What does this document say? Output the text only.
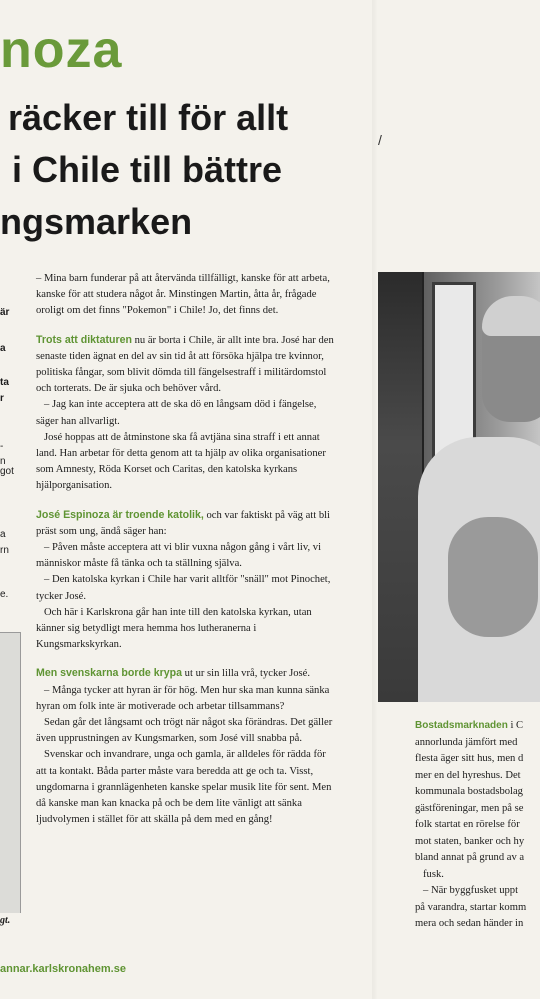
noza
räcker till för allt
i Chile till bättre
ngsmarken
/
är
a
ta
r
-
n
got
a
rn
e.
gt.

– Mina barn funderar på att återvända tillfälligt, kanske för att arbeta, kanske för att studera något år. Minstingen Martin, åtta år, frågade oroligt om det finns "Pokemon" i Chile! Jo, det finns det.

Trots att diktaturen nu är borta i Chile, är allt inte bra. José har den senaste tiden ägnat en del av sin tid åt att försöka hjälpa tre kvinnor, politiska fångar, som blivit dömda till fängelsestraff i militärdomstol och torterats. De är sjuka och behöver vård.
– Jag kan inte acceptera att de ska dö en långsam död i fängelse, säger han allvarligt.
José hoppas att de åtminstone ska få avtjäna sina straff i ett annat land. Han arbetar för detta genom att ta hjälp av olika organisationer som Amnesty, Röda Korset och Caritas, den katolska kyrkans hjälporganisation.

José Espinoza är troende katolik, och var faktiskt på väg att bli präst som ung, ändå säger han:
– Påven måste acceptera att vi blir vuxna någon gång i vårt liv, vi människor måste få tänka och ta ställning själva.
– Den katolska kyrkan i Chile har varit alltför "snäll" mot Pinochet, tycker José.
Och här i Karlskrona går han inte till den katolska kyrkan, utan känner sig betydligt mera hemma hos lutheranerna i Kungsmarkskyrkan.

Men svenskarna borde krypa ut ur sin lilla vrå, tycker José.
– Många tycker att hyran är för hög. Men hur ska man kunna sänka hyran om folk inte är motiverade och arbetar tillsammans?
Sedan går det långsamt och trögt när något ska förändras. Det gäller även upprustningen av Kungsmarken, som José vill snabba på.
Svenskar och invandrare, unga och gamla, är alldeles för rädda för att ta kontakt. Båda parter måste vara beredda att ge och ta. Visst, ungdomarna i grannlägenheten kanske spelar musik lite för sent. Men då kanske man kan knacka på och be dem lite vänligt att sänka ljudvolymen i stället för att skälla på dem med en gång!

annar.karlskronahem.se
Bostadsmarknaden i C
annorlunda jämfört med
flesta äger sitt hus, men d
mer en del hyreshus. Det
kommunala bostadsbolag
gästföreningar, men på se
folk startat en rörelse för
mot staten, banker och hy
bland annat på grund av a
fusk.
– När byggfusket uppt
på varandra, startar komm
mera och sedan händer in
